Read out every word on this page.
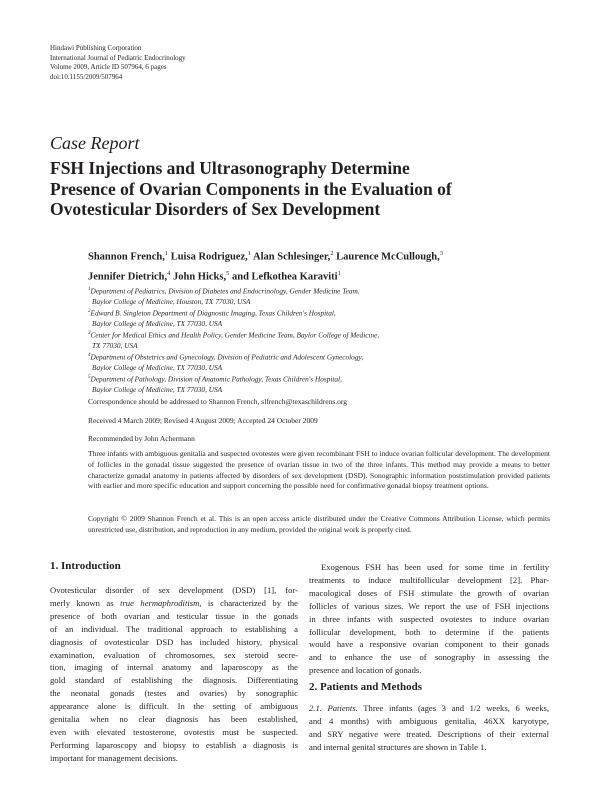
Hindawi Publishing Corporation
International Journal of Pediatric Endocrinology
Volume 2009, Article ID 507964, 6 pages
doi:10.1155/2009/507964
Case Report
FSH Injections and Ultrasonography Determine
Presence of Ovarian Components in the Evaluation of
Ovotesticular Disorders of Sex Development
Shannon French,$^1$ Luisa Rodriguez,$^1$ Alan Schlesinger,$^2$ Laurence McCullough,$^3$
Jennifer Dietrich,$^4$ John Hicks,$^5$ and Lefkothea Karaviti$^1$
$^1$Department of Pediatrics, Division of Diabetes and Endocrinology, Gender Medicine Team,
Baylor College of Medicine, Houston, TX 77030, USA
$^2$Edward B. Singleton Department of Diagnostic Imaging, Texas Children's Hospital,
Baylor College of Medicine, TX 77030, USA
$^3$Center for Medical Ethics and Health Policy, Gender Medicine Team, Baylor College of Medicine,
TX 77030, USA
$^4$Department of Obstetrics and Gynecology, Division of Pediatric and Adolescent Gynecology,
Baylor College of Medicine, TX 77030, USA
$^5$Department of Pathology, Division of Anatomic Pathology, Texas Children's Hospital,
Baylor College of Medicine, TX 77030, USA
Correspondence should be addressed to Shannon French, slfrench@texaschildrens.org
Received 4 March 2009; Revised 4 August 2009; Accepted 24 October 2009
Recommended by John Achermann
Three infants with ambiguous genitalia and suspected ovotestes were given recombinant FSH to induce ovarian follicular development. The development of follicles in the gonadal tissue suggested the presence of ovarian tissue in two of the three infants. This method may provide a means to better characterize gonadal anatomy in patients affected by disorders of sex development (DSD). Sonographic information poststimulation provided patients with earlier and more specific education and support concerning the possible need for confirmative gonadal biopsy treatment options.
Copyright © 2009 Shannon French et al. This is an open access article distributed under the Creative Commons Attribution License, which permits unrestricted use, distribution, and reproduction in any medium, provided the original work is properly cited.
1. Introduction
Ovotesticular disorder of sex development (DSD) [1], for-
merly known as true hermaphroditism, is characterized by the
presence of both ovarian and testicular tissue in the gonads
of an individual. The traditional approach to establishing a
diagnosis of ovotesticular DSD has included history, physical
examination, evaluation of chromosomes, sex steroid secre-
tion, imaging of internal anatomy and laparoscopy as the
gold standard of establishing the diagnosis. Differentiating
the neonatal gonads (testes and ovaries) by sonographic
appearance alone is difficult. In the setting of ambiguous
genitalia when no clear diagnosis has been established,
even with elevated testosterone, ovotestis must be suspected.
Performing laparoscopy and biopsy to establish a diagnosis is
important for management decisions.
Exogenous FSH has been used for some time in fertility
treatments to induce multifollicular development [2]. Phar-
macological doses of FSH stimulate the growth of ovarian
follicles of various sizes. We report the use of FSH injections
in three infants with suspected ovotestes to induce ovarian
follicular development, both to determine if the patients
would have a responsive ovarian component to their gonads
and to enhance the use of sonography in assessing the
presence and location of gonads.
2. Patients and Methods
2.1. Patients. Three infants (ages 3 and 1/2 weeks, 6 weeks,
and 4 months) with ambiguous genitalia, 46XX karyotype,
and SRY negative were treated. Descriptions of their external
and internal genital structures are shown in Table 1.
